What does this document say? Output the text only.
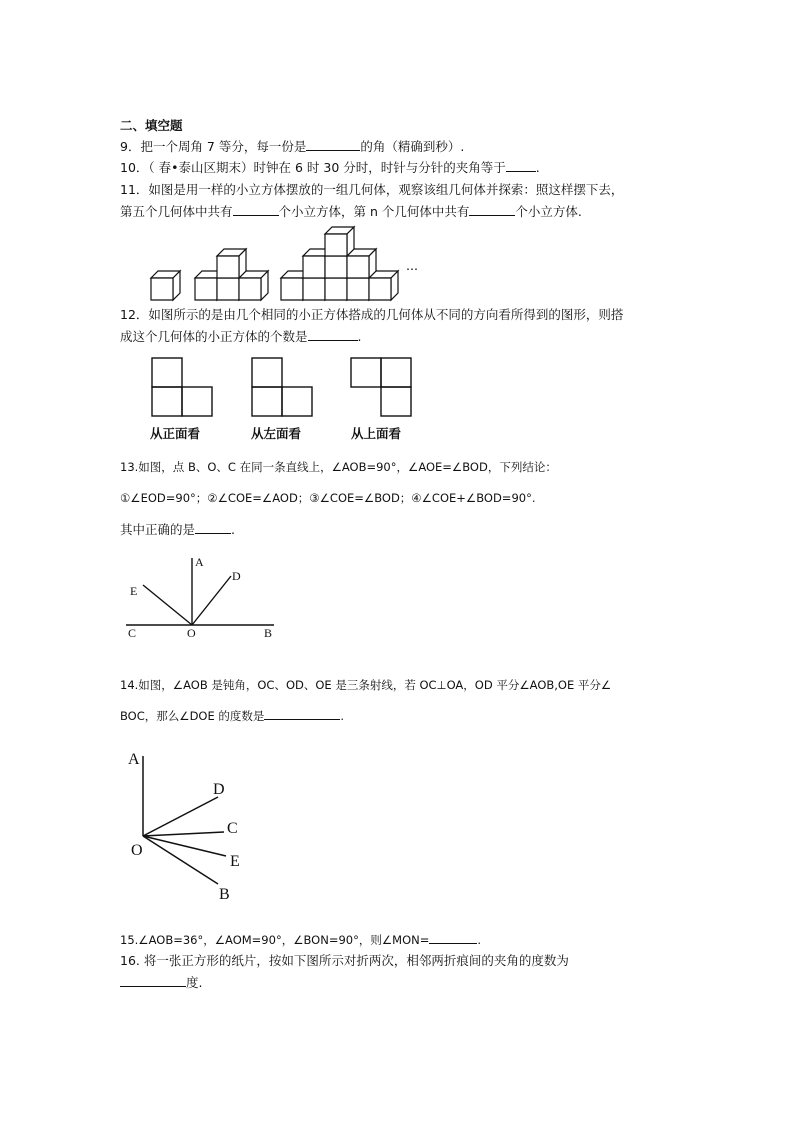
二、填空题
9．把一个周角 7 等分，每一份是	的角（精确到秒）.
10．（ 春•泰山区期末）时钟在 6 时 30 分时，时针与分针的夹角等于 .
11．如图是用一样的小立方体摆放的一组几何体，观察该组几何体并探索：照这样摆下去，
第五个几何体中共有	个小立方体，第 n 个几何体中共有	个小立方体.
…
12．如图所示的是由几个相同的小正方体搭成的几何体从不同的方向看所得到的图形，则搭
成这个几何体的小正方体的个数是	.
从正面看	从左面看	从上面看
13.如图，点 B、O、C 在同一条直线上，∠AOB=90°，∠AOE=∠BOD，下列结论：
①∠EOD=90°；②∠COE=∠AOD；③∠COE=∠BOD；④∠COE+∠BOD=90°.
其中正确的是	.
A
D
E
C	O	B
14.如图，∠AOB 是钝角，OC、OD、OE 是三条射线，若 OC⊥OA，OD 平分∠AOB,OE 平分∠
BOC，那么∠DOE 的度数是	.
A
D
C
O
E
B
15.∠AOB=36°，∠AOM=90°，∠BON=90°，则∠MON=	.
16. 将一张正方形的纸片，按如下图所示对折两次，相邻两折痕间的夹角的度数为
度.
